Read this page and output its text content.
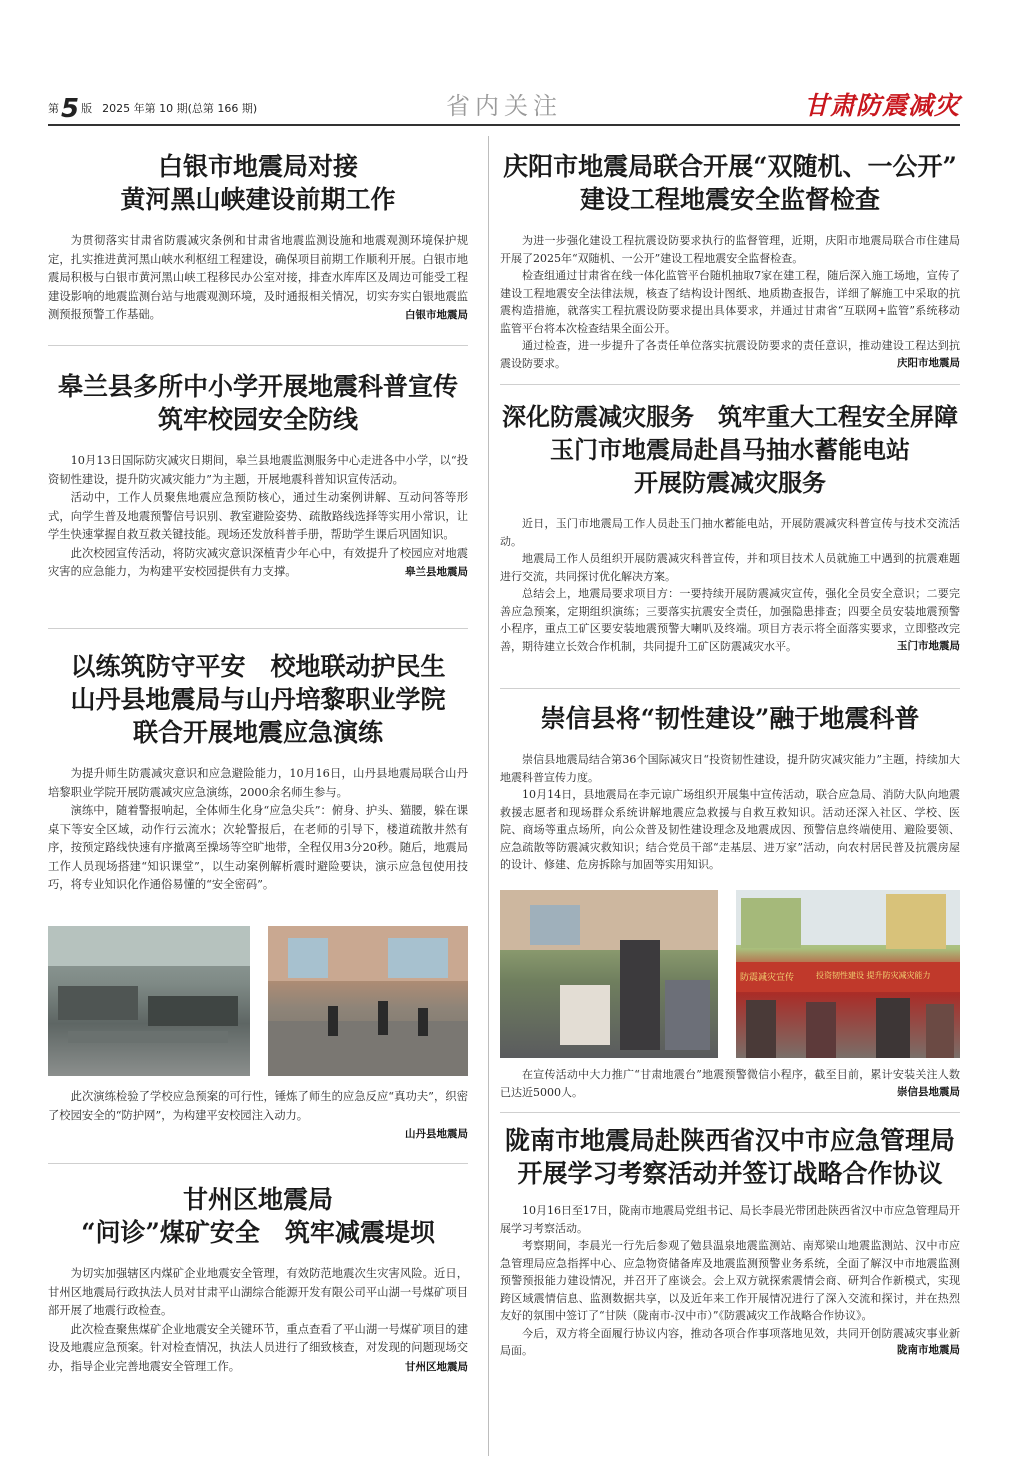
第5 版 2025 年第 10 期(总第 166 期)	省内关注	甘肃防震减灾
白银市地震局对接
黄河黑山峡建设前期工作

为贯彻落实甘肃省防震减灾条例和甘肃省地震监测设施和地震观测环境保护规定，扎实推进黄河黑山峡水利枢纽工程建设，确保项目前期工作顺利开展。白银市地震局积极与白银市黄河黑山峡工程移民办公室对接，排查水库库区及周边可能受工程建设影响的地震监测台站与地震观测环境，及时通报相关情况，切实夯实白银地震监测预报预警工作基础。	白银市地震局

皋兰县多所中小学开展地震科普宣传
筑牢校园安全防线

10月13日国际防灾减灾日期间，皋兰县地震监测服务中心走进各中小学，以“投资韧性建设，提升防灾减灾能力”为主题，开展地震科普知识宣传活动。

活动中，工作人员聚焦地震应急预防核心，通过生动案例讲解、互动问答等形式，向学生普及地震预警信号识别、教室避险姿势、疏散路线选择等实用小常识，让学生快速掌握自救互救关键技能。现场还发放科普手册，帮助学生课后巩固知识。

此次校园宣传活动，将防灾减灾意识深植青少年心中，有效提升了校园应对地震灾害的应急能力，为构建平安校园提供有力支撑。	皋兰县地震局

以练筑防守平安　校地联动护民生
山丹县地震局与山丹培黎职业学院
联合开展地震应急演练

为提升师生防震减灾意识和应急避险能力，10月16日，山丹县地震局联合山丹培黎职业学院开展防震减灾应急演练，2000余名师生参与。

演练中，随着警报响起，全体师生化身“应急尖兵”：俯身、护头、猫腰，躲在课桌下等安全区域，动作行云流水；次轮警报后，在老师的引导下，楼道疏散井然有序，按预定路线快速有序撤离至操场等空旷地带，全程仅用3分20秒。随后，地震局工作人员现场搭建“知识课堂”，以生动案例解析震时避险要诀，演示应急包使用技巧，将专业知识化作通俗易懂的“安全密码”。

此次演练检验了学校应急预案的可行性，锤炼了师生的应急反应“真功夫”，织密了校园安全的“防护网”，为构建平安校园注入动力。

山丹县地震局
甘州区地震局
“问诊”煤矿安全　筑牢减震堤坝

为切实加强辖区内煤矿企业地震安全管理，有效防范地震次生灾害风险。近日，甘州区地震局行政执法人员对甘肃平山湖综合能源开发有限公司平山湖一号煤矿项目部开展了地震行政检查。

此次检查聚焦煤矿企业地震安全关键环节，重点查看了平山湖一号煤矿项目的建设及地震应急预案。针对检查情况，执法人员进行了细致核查，对发现的问题现场交办，指导企业完善地震安全管理工作。	甘州区地震局

庆阳市地震局联合开展“双随机、一公开”
建设工程地震安全监督检查

为进一步强化建设工程抗震设防要求执行的监督管理，近期，庆阳市地震局联合市住建局开展了2025年“双随机、一公开”建设工程地震安全监督检查。

检查组通过甘肃省在线一体化监管平台随机抽取7家在建工程，随后深入施工场地，宣传了建设工程地震安全法律法规，核查了结构设计图纸、地质勘查报告，详细了解施工中采取的抗震构造措施，就落实工程抗震设防要求提出具体要求，并通过甘肃省“互联网+监管”系统移动监管平台将本次检查结果全面公开。

通过检查，进一步提升了各责任单位落实抗震设防要求的责任意识，推动建设工程达到抗震设防要求。	庆阳市地震局

深化防震减灾服务　筑牢重大工程安全屏障
玉门市地震局赴昌马抽水蓄能电站
开展防震减灾服务

近日，玉门市地震局工作人员赴玉门抽水蓄能电站，开展防震减灾科普宣传与技术交流活动。

地震局工作人员组织开展防震减灾科普宣传，并和项目技术人员就施工中遇到的抗震难题进行交流，共同探讨优化解决方案。

总结会上，地震局要求项目方：一要持续开展防震减灾宣传，强化全员安全意识；二要完善应急预案，定期组织演练；三要落实抗震安全责任，加强隐患排查；四要全员安装地震预警小程序，重点工矿区要安装地震预警大喇叭及终端。项目方表示将全面落实要求，立即整改完善，期待建立长效合作机制，共同提升工矿区防震减灾水平。	玉门市地震局

崇信县将“韧性建设”融于地震科普

崇信县地震局结合第36个国际减灾日“投资韧性建设，提升防灾减灾能力”主题，持续加大地震科普宣传力度。

10月14日，县地震局在李元谅广场组织开展集中宣传活动，联合应急局、消防大队向地震救援志愿者和现场群众系统讲解地震应急救援与自救互救知识。活动还深入社区、学校、医院、商场等重点场所，向公众普及韧性建设理念及地震成因、预警信息终端使用、避险要领、应急疏散等防震减灾救知识；结合党员干部“走基层、进万家”活动，向农村居民普及抗震房屋的设计、修建、危房拆除与加固等实用知识。

防震减灾宣传	投资韧性建设 提升防灾减灾能力

在宣传活动中大力推广“甘肃地震台”地震预警微信小程序，截至目前，累计安装关注人数已达近5000人。	崇信县地震局

陇南市地震局赴陕西省汉中市应急管理局
开展学习考察活动并签订战略合作协议

10月16日至17日，陇南市地震局党组书记、局长李晨光带团赴陕西省汉中市应急管理局开展学习考察活动。

考察期间，李晨光一行先后参观了勉县温泉地震监测站、南郑梁山地震监测站、汉中市应急管理局应急指挥中心、应急物资储备库及地震监测预警业务系统，全面了解汉中市地震监测预警预报能力建设情况，并召开了座谈会。会上双方就探索震情会商、研判合作新模式，实现跨区域震情信息、监测数据共享，以及近年来工作开展情况进行了深入交流和探讨，并在热烈友好的氛围中签订了“甘陕（陇南市-汉中市）”《防震减灾工作战略合作协议》。

今后，双方将全面履行协议内容，推动各项合作事项落地见效，共同开创防震减灾事业新局面。	陇南市地震局
